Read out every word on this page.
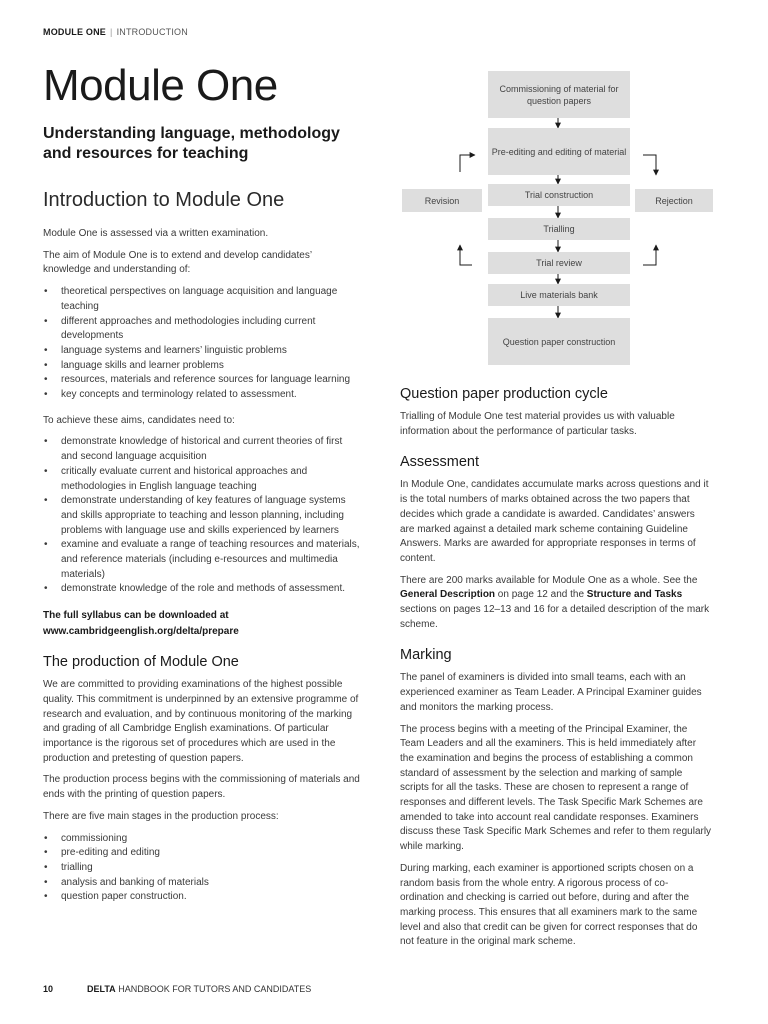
MODULE ONE | INTRODUCTION
Module One
Understanding language, methodology and resources for teaching
Introduction to Module One

Module One is assessed via a written examination.

The aim of Module One is to extend and develop candidates’ knowledge and understanding of:

• theoretical perspectives on language acquisition and language teaching
• different approaches and methodologies including current developments
• language systems and learners’ linguistic problems
• language skills and learner problems
• resources, materials and reference sources for language learning
• key concepts and terminology related to assessment.

To achieve these aims, candidates need to:

• demonstrate knowledge of historical and current theories of first and second language acquisition
• critically evaluate current and historical approaches and methodologies in English language teaching
• demonstrate understanding of key features of language systems and skills appropriate to teaching and lesson planning, including problems with language use and skills experienced by learners
• examine and evaluate a range of teaching resources and materials, and reference materials (including e-resources and multimedia materials)
• demonstrate knowledge of the role and methods of assessment.

The full syllabus can be downloaded at

www.cambridgeenglish.org/delta/prepare

The production of Module One

We are committed to providing examinations of the highest possible quality. This commitment is underpinned by an extensive programme of research and evaluation, and by continuous monitoring of the marking and grading of all Cambridge English examinations. Of particular importance is the rigorous set of procedures which are used in the production and pretesting of question papers.

The production process begins with the commissioning of materials and ends with the printing of question papers.

There are five main stages in the production process:

• commissioning
• pre-editing and editing
• trialling
• analysis and banking of materials
• question paper construction.
Commissioning of material for question papers
Pre-editing and editing of material
Trial construction
Trialling
Trial review
Live materials bank
Question paper construction
Revision	Rejection
Question paper production cycle

Trialling of Module One test material provides us with valuable information about the performance of particular tasks.

Assessment

In Module One, candidates accumulate marks across questions and it is the total numbers of marks obtained across the two papers that decides which grade a candidate is awarded. Candidates’ answers are marked against a detailed mark scheme containing Guideline Answers. Marks are awarded for appropriate responses in terms of content.

There are 200 marks available for Module One as a whole. See the General Description on page 12 and the Structure and Tasks sections on pages 12–13 and 16 for a detailed description of the mark scheme.

Marking

The panel of examiners is divided into small teams, each with an experienced examiner as Team Leader. A Principal Examiner guides and monitors the marking process.

The process begins with a meeting of the Principal Examiner, the Team Leaders and all the examiners. This is held immediately after the examination and begins the process of establishing a common standard of assessment by the selection and marking of sample scripts for all the tasks. These are chosen to represent a range of responses and different levels. The Task Specific Mark Schemes are amended to take into account real candidate responses. Examiners discuss these Task Specific Mark Schemes and refer to them regularly while marking.

During marking, each examiner is apportioned scripts chosen on a random basis from the whole entry. A rigorous process of co-ordination and checking is carried out before, during and after the marking process. This ensures that all examiners mark to the same level and also that credit can be given for correct responses that do not feature in the original mark scheme.

10	DELTA HANDBOOK FOR TUTORS AND CANDIDATES
